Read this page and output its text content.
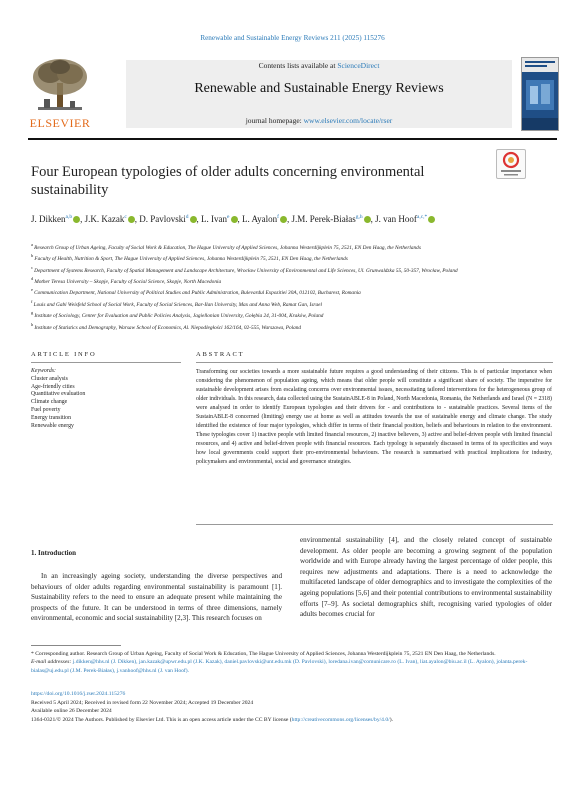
Renewable and Sustainable Energy Reviews 211 (2025) 115276
ELSEVIER
Contents lists available at ScienceDirect
Renewable and Sustainable Energy Reviews
journal homepage: www.elsevier.com/locate/rser
Four European typologies of older adults concerning environmental sustainability
J. Dikken$^{a,b}$ , J.K. Kazak$^c$ , D. Pavlovski$^d$ , L. Ivan$^e$ , L. Ayalon$^f$ , J.M. Perek-Białas$^{g,h}$ , J. van Hoof$^{a,c,*}$
$^a$ Research Group of Urban Ageing, Faculty of Social Work & Education, The Hague University of Applied Sciences, Johanna Westerdijkplein 75, 2521, EN Den Haag, the Netherlands
$^b$ Faculty of Health, Nutrition & Sport, The Hague University of Applied Sciences, Johanna Westerdijkplein 75, 2521, EN Den Haag, the Netherlands
$^c$ Department of Systems Research, Faculty of Spatial Management and Landscape Architecture, Wrocław University of Environmental and Life Sciences, Ul. Grunwaldzka 55, 50-357, Wrocław, Poland
$^d$ Mother Teresa University – Skopje, Faculty of Social Science, Skopje, North Macedonia
$^e$ Communication Department, National University of Political Studies and Public Administration, Bulevardul Expozitiei 30A, 012102, Bucharest, Romania
$^f$ Louis and Gabi Weisfeld School of Social Work, Faculty of Social Sciences, Bar-Ilan University, Max and Anna Web, Ramat Gan, Israel
$^g$ Institute of Sociology, Center for Evaluation and Public Policies Analysis, Jagiellonian University, Gołębia 24, 31-004, Kraków, Poland
$^h$ Institute of Statistics and Demography, Warsaw School of Economics, Al. Niepodległości 162/164, 02-555, Warszawa, Poland
ARTICLE INFO	ABSTRACT
Keywords:
Cluster analysis
Age-friendly cities
Quantitative evaluation
Climate change
Fuel poverty
Energy transition
Renewable energy
Transforming our societies towards a more sustainable future requires a good understanding of their citizens. This is of particular importance when considering the phenomenon of population ageing, which means that older people will constitute a significant share of society. The imperative for sustainable development arises from escalating concerns over environmental issues, necessitating tailored interventions for the heterogeneous group of older individuals. In this research, data collected using the SustainABLE-8 in Poland, North Macedonia, Romania, the Netherlands and Israel (N = 2318) were analysed in order to identify European typologies and their drivers for - and contributions to - sustainable practices. Several items of the SustainABLE-8 concerned (limiting) energy use at home as well as attitudes towards the use of sustainable energy and climate change. The study identified the existence of four major typologies, which differ in terms of their financial position, beliefs and behaviours in relation to the environment. These typologies cover 1) inactive people with limited financial resources, 2) inactive believers, 3) active and belief-driven people with limited financial resources, and 4) active and belief-driven people with financial resources. Each typology is separately discussed in terms of its specificities and ways how local governments could support their pro-environmental behaviours. The research is summarised with practical implications for industry, policymakers and environmental, social and governance strategies.
1. Introduction
In an increasingly ageing society, understanding the diverse perspectives and behaviours of older adults regarding environmental sustainability is paramount [1]. Sustainability refers to the need to ensure an adequate present while maintaining the prospects of the future. It can be understood in terms of three dimensions, namely environmental, economic and social sustainability [2,3]. This research focuses on
environmental sustainability [4], and the closely related concept of sustainable development. As older people are becoming a growing segment of the population worldwide and with Europe already having the largest percentage of older people, this requires new adjustments and adaptations. There is a need to acknowledge the multifaceted landscape of older demographics and to investigate the complexities of the ageing populations [5,6] and their potential contributions to environmental sustainability efforts [7–9]. As societal demographics shift, recognising varied typologies of older adults becomes crucial for
* Corresponding author. Research Group of Urban Ageing, Faculty of Social Work & Education, The Hague University of Applied Sciences, Johanna Westerdijkplein 75, 2521 EN Den Haag, the Netherlands.
E-mail addresses: j.dikken@hhs.nl (J. Dikken), jan.kazak@upwr.edu.pl (J.K. Kazak), daniel.pavlovski@unt.edu.mk (D. Pavlovski), loredana.ivan@comunicare.ro (L. Ivan), liat.ayalon@biu.ac.il (L. Ayalon), jolanta.perek-bialas@uj.edu.pl (J.M. Perek-Białas), j.vanhoof@hhs.nl (J. van Hoof).
https://doi.org/10.1016/j.rser.2024.115276
Received 5 April 2024; Received in revised form 22 November 2024; Accepted 19 December 2024
Available online 26 December 2024
1364-0321/© 2024 The Authors. Published by Elsevier Ltd. This is an open access article under the CC BY license (http://creativecommons.org/licenses/by/4.0/).
